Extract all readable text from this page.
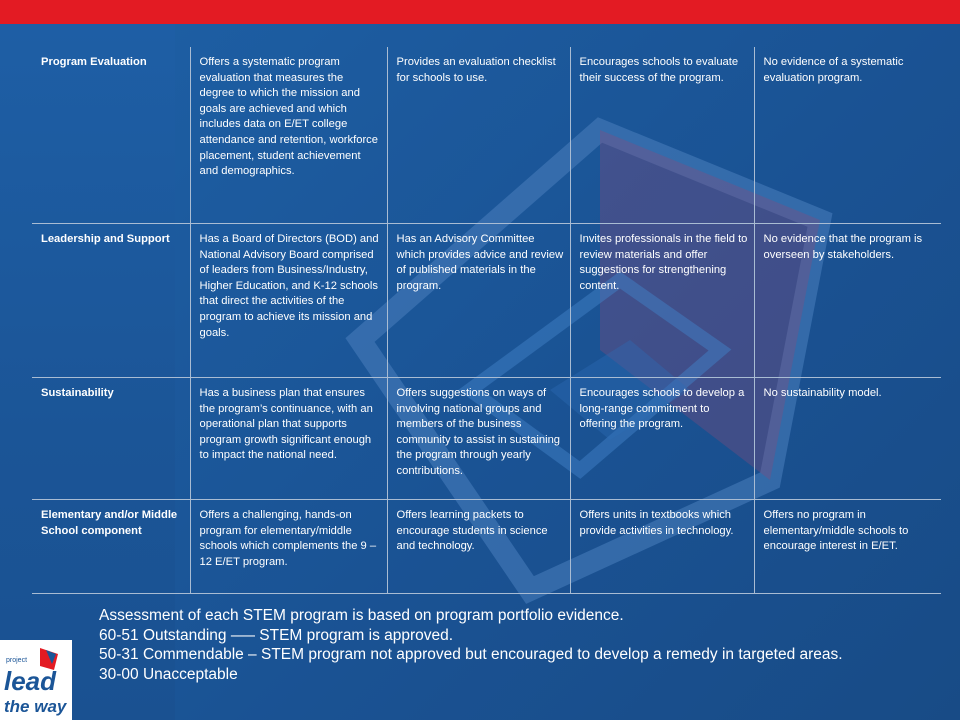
Program Evaluation	Offers a systematic program evaluation that measures the degree to which the mission and goals are achieved and which includes data on E/ET college attendance and retention, workforce placement, student achievement and demographics.	Provides an evaluation checklist for schools to use.	Encourages schools to evaluate their success of the program.	No evidence of a systematic evaluation program.
Leadership and Support	Has a Board of Directors (BOD) and National Advisory Board comprised of leaders from Business/Industry, Higher Education, and K-12 schools that direct the activities of the program to achieve its mission and goals.	Has an Advisory Committee which provides advice and review of published materials in the program.	Invites professionals in the field to review materials and offer suggestions for strengthening content.	No evidence that the program is overseen by stakeholders.
Sustainability	Has a business plan that ensures the program’s continuance, with an operational plan that supports program growth significant enough to impact the national need.	Offers suggestions on ways of involving national groups and members of the business community to assist in sustaining the program through yearly contributions.	Encourages schools to develop a long-range commitment to offering the program.	No sustainability model.
Elementary and/or Middle School component	Offers a challenging, hands-on program for elementary/middle schools which complements the 9 – 12 E/ET program.	Offers learning packets to encourage students in science and technology.	Offers units in textbooks which provide activities in technology.	Offers no program in elementary/middle schools to encourage interest in E/ET.
Assessment of each STEM program is based on program portfolio evidence.
60-51 Outstanding –— STEM program is approved.
50-31 Commendable – STEM program not approved but encouraged to develop a remedy in targeted areas.
30-00 Unacceptable
project
lead
the way
